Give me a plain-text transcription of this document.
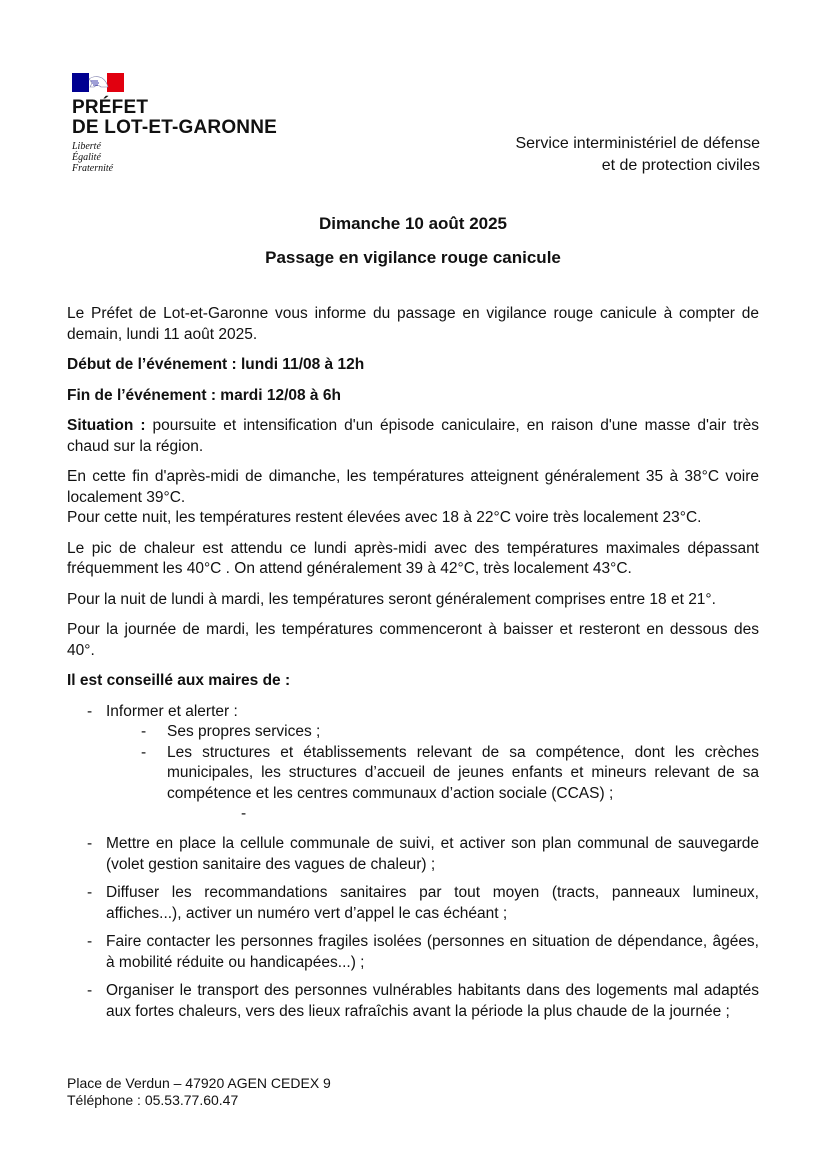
PRÉFET
DE LOT-ET-GARONNE
Liberté
Égalité
Fraternité
Service interministériel de défense
et de protection civiles
Dimanche 10 août 2025
Passage en vigilance rouge canicule

Le Préfet de Lot-et-Garonne vous informe du passage en vigilance rouge canicule à compter de demain, lundi 11 août 2025.

Début de l’événement : lundi 11/08 à 12h

Fin de l’événement : mardi 12/08 à 6h

Situation : poursuite et intensification d'un épisode caniculaire, en raison d'une masse d'air très chaud sur la région.

En cette fin d'après-midi de dimanche, les températures atteignent généralement 35 à 38°C voire localement 39°C.

Pour cette nuit, les températures restent élevées avec 18 à 22°C voire très localement 23°C.

Le pic de chaleur est attendu ce lundi après-midi avec des températures maximales dépassant fréquemment les 40°C . On attend généralement 39 à 42°C, très localement 43°C.

Pour la nuit de lundi à mardi, les températures seront généralement comprises entre 18 et 21°.

Pour la journée de mardi, les températures commenceront à baisser et resteront en dessous des 40°.

Il est conseillé aux maires de :

- Informer et alerter :
- Ses propres services ;
- Les structures et établissements relevant de sa compétence, dont les crèches municipales, les structures d’accueil de jeunes enfants et mineurs relevant de sa compétence et les centres communaux d’action sociale (CCAS) ;
-
- Mettre en place la cellule communale de suivi, et activer son plan communal de sauvegarde (volet gestion sanitaire des vagues de chaleur) ;
- Diffuser les recommandations sanitaires par tout moyen (tracts, panneaux lumineux, affiches...), activer un numéro vert d’appel le cas échéant ;
- Faire contacter les personnes fragiles isolées (personnes en situation de dépendance, âgées, à mobilité réduite ou handicapées...) ;
- Organiser le transport des personnes vulnérables habitants dans des logements mal adaptés aux fortes chaleurs, vers des lieux rafraîchis avant la période la plus chaude de la journée ;
Place de Verdun – 47920 AGEN CEDEX 9
Téléphone : 05.53.77.60.47
